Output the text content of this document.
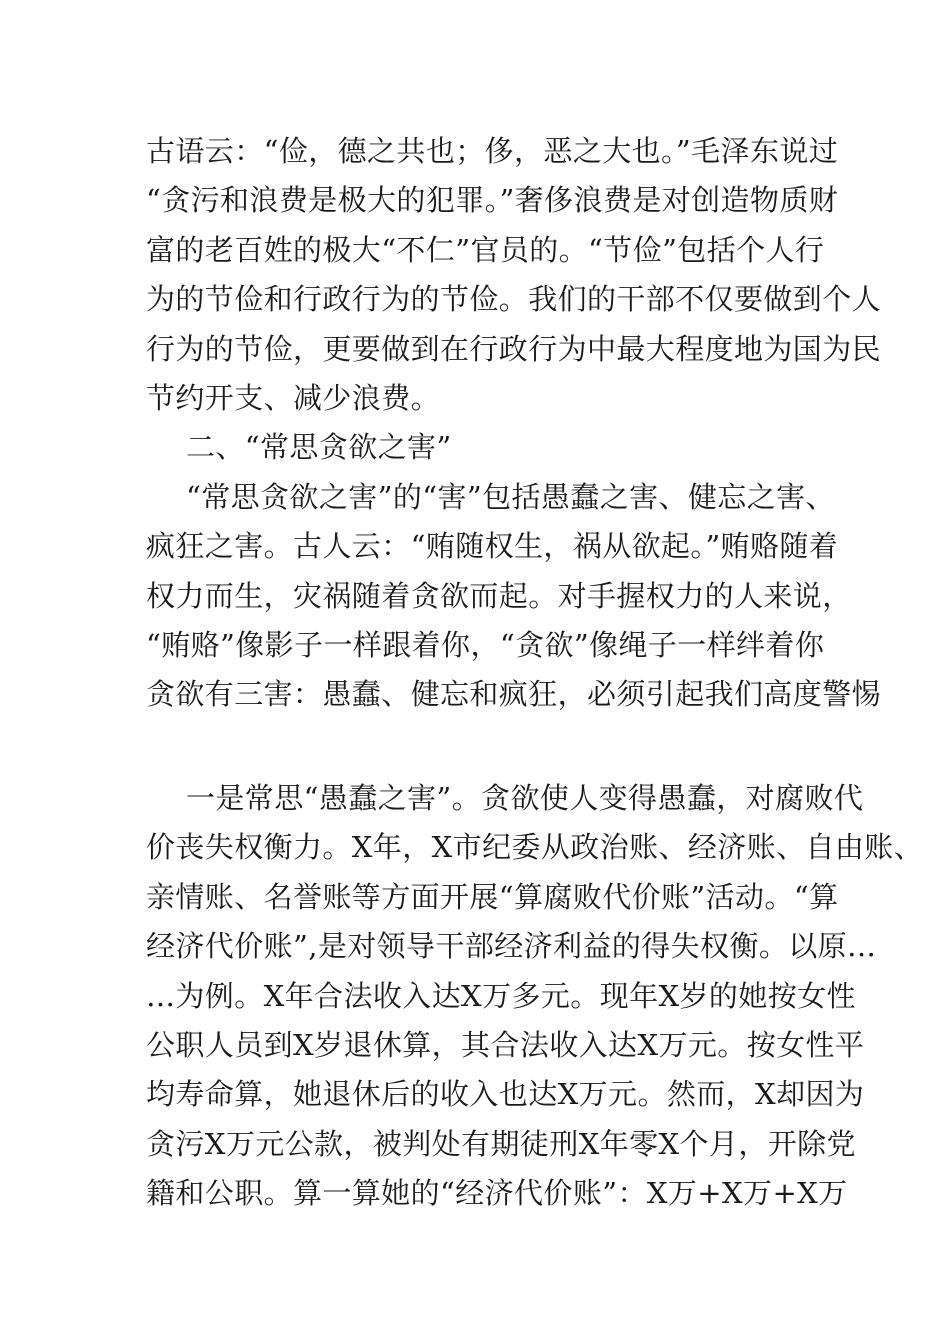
古语云：“俭，德之共也；侈，恶之大也。”毛泽东说过
“贪污和浪费是极大的犯罪。”奢侈浪费是对创造物质财
富的老百姓的极大“不仁”官员的。“节俭”包括个人行
为的节俭和行政行为的节俭。我们的干部不仅要做到个人
行为的节俭，更要做到在行政行为中最大程度地为国为民
节约开支、减少浪费。
二、“常思贪欲之害”
“常思贪欲之害”的“害”包括愚蠢之害、健忘之害、
疯狂之害。古人云：“贿随权生，祸从欲起。”贿赂随着
权力而生，灾祸随着贪欲而起。对手握权力的人来说，
“贿赂”像影子一样跟着你，“贪欲”像绳子一样绊着你
贪欲有三害：愚蠢、健忘和疯狂，必须引起我们高度警惕
一是常思“愚蠢之害”。贪欲使人变得愚蠢，对腐败代
价丧失权衡力。X年，X市纪委从政治账、经济账、自由账、
亲情账、名誉账等方面开展“算腐败代价账”活动。“算
经济代价账”,是对领导干部经济利益的得失权衡。以原…
…为例。X年合法收入达X万多元。现年X岁的她按女性
公职人员到X岁退休算，其合法收入达X万元。按女性平
均寿命算，她退休后的收入也达X万元。然而，X却因为
贪污X万元公款，被判处有期徒刑X年零X个月，开除党
籍和公职。算一算她的“经济代价账”：X万+X万+X万
